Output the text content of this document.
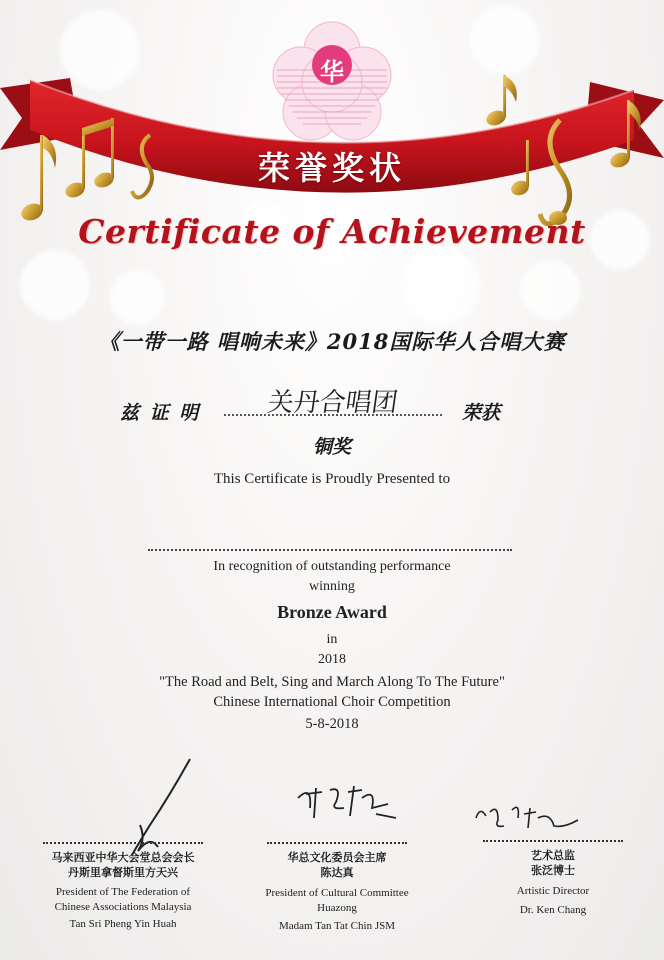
华
荣誉奖状
Certificate of Achievement
《一带一路 唱响未来》2018国际华人合唱大赛
兹 证 明	关丹合唱团	荣获
铜奖
This Certificate is Proudly Presented to
In recognition of outstanding performance
winning
Bronze Award
in
2018
"The Road and Belt, Sing and March Along To The Future"
Chinese International Choir Competition
5-8-2018
马来西亚中华大会堂总会会长
丹斯里拿督斯里方天兴
President of The Federation of
Chinese Associations Malaysia
Tan Sri Pheng Yin Huah
华总文化委员会主席
陈达真
President of Cultural Committee
Huazong
Madam Tan Tat Chin JSM
艺术总监
张泛博士
Artistic Director
Dr. Ken Chang
